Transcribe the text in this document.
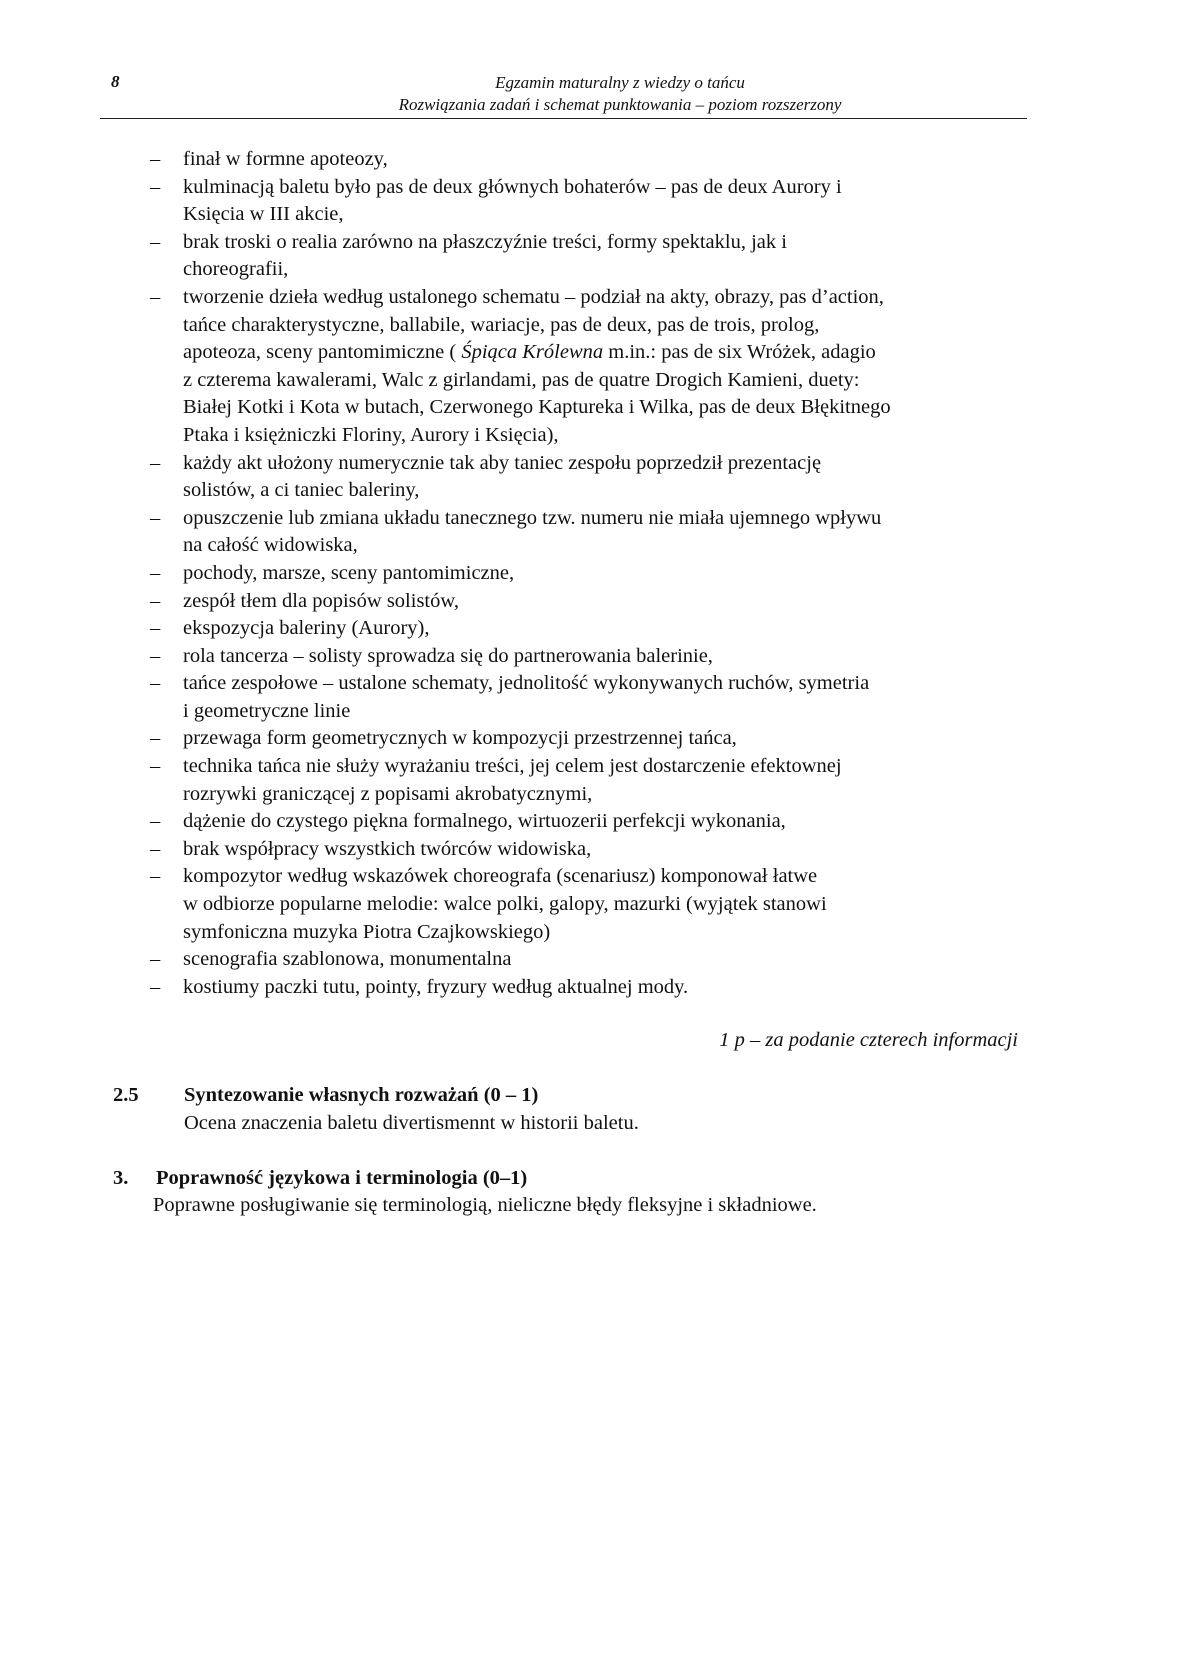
8	Egzamin maturalny z wiedzy o tańcu
Rozwiązania zadań i schemat punktowania – poziom rozszerzony
– finał w formne apoteozy,
– kulminacją baletu było pas de deux głównych bohaterów – pas de deux Aurory i
Księcia w III akcie,
– brak troski o realia zarówno na płaszczyźnie treści, formy spektaklu, jak i
choreografii,
– tworzenie dzieła według ustalonego schematu – podział na akty, obrazy, pas d’action,
tańce charakterystyczne, ballabile, wariacje, pas de deux, pas de trois, prolog,
apoteoza, sceny pantomimiczne ( Śpiąca Królewna m.in.: pas de six Wróżek, adagio
z czterema kawalerami, Walc z girlandami, pas de quatre Drogich Kamieni, duety:
Białej Kotki i Kota w butach, Czerwonego Kaptureka i Wilka, pas de deux Błękitnego
Ptaka i księżniczki Floriny, Aurory i Księcia),
– każdy akt ułożony numerycznie tak aby taniec zespołu poprzedził prezentację
solistów, a ci taniec baleriny,
– opuszczenie lub zmiana układu tanecznego tzw. numeru nie miała ujemnego wpływu
na całość widowiska,
– pochody, marsze, sceny pantomimiczne,
– zespół tłem dla popisów solistów,
– ekspozycja baleriny (Aurory),
– rola tancerza – solisty sprowadza się do partnerowania balerinie,
– tańce zespołowe – ustalone schematy, jednolitość wykonywanych ruchów, symetria
i geometryczne linie
– przewaga form geometrycznych w kompozycji przestrzennej tańca,
– technika tańca nie służy wyrażaniu treści, jej celem jest dostarczenie efektownej
rozrywki graniczącej z popisami akrobatycznymi,
– dążenie do czystego piękna formalnego, wirtuozerii perfekcji wykonania,
– brak współpracy wszystkich twórców widowiska,
– kompozytor według wskazówek choreografa (scenariusz) komponował łatwe
w odbiorze popularne melodie: walce polki, galopy, mazurki (wyjątek stanowi
symfoniczna muzyka Piotra Czajkowskiego)
– scenografia szablonowa, monumentalna
– kostiumy paczki tutu, pointy, fryzury według aktualnej mody.
1 p – za podanie czterech informacji
2.5 Syntezowanie własnych rozważań (0 – 1)
Ocena znaczenia baletu divertismennt w historii baletu.
3. Poprawność językowa i terminologia (0–1)
Poprawne posługiwanie się terminologią, nieliczne błędy fleksyjne i składniowe.
